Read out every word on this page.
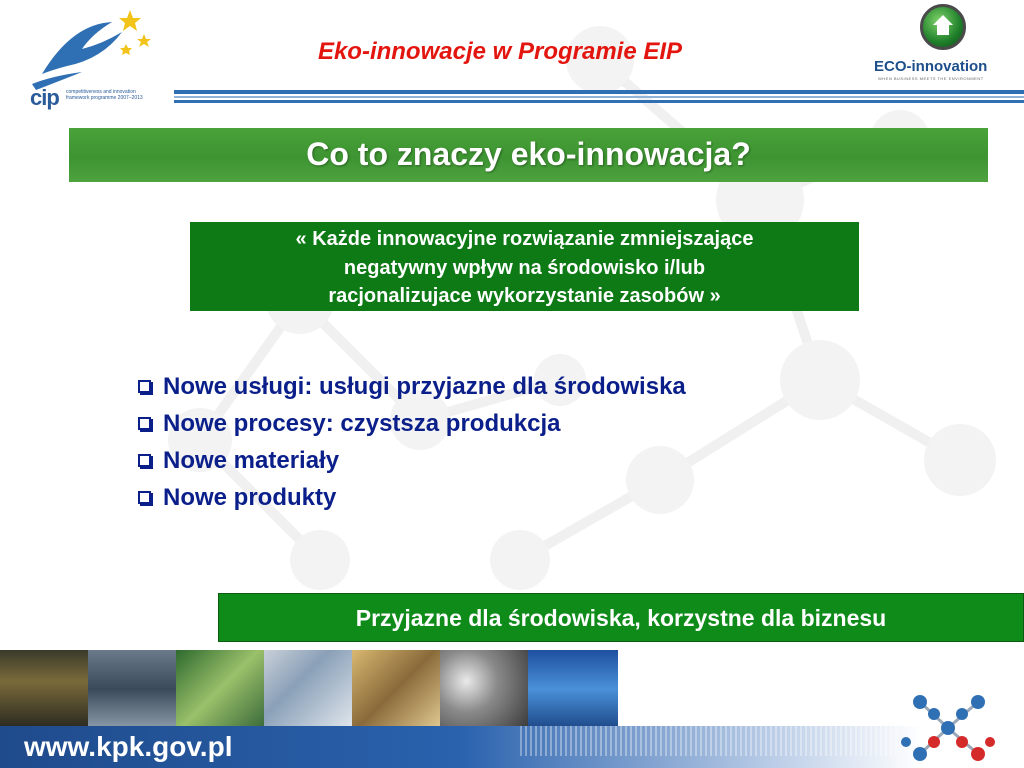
cip competitiveness and innovation framework programme 2007–2013
Eko-innowacje w Programie EIP
ECO-innovation
WHEN BUSINESS MEETS THE ENVIRONMENT
Co to znaczy eko-innowacja?
« Każde innowacyjne rozwiązanie zmniejszające
negatywny wpływ na środowisko i/lub
racjonalizujace wykorzystanie zasobów »
Nowe usługi: usługi przyjazne dla środowiska
Nowe procesy: czystsza produkcja
Nowe materiały
Nowe produkty
Przyjazne dla środowiska, korzystne dla biznesu
www.kpk.gov.pl
